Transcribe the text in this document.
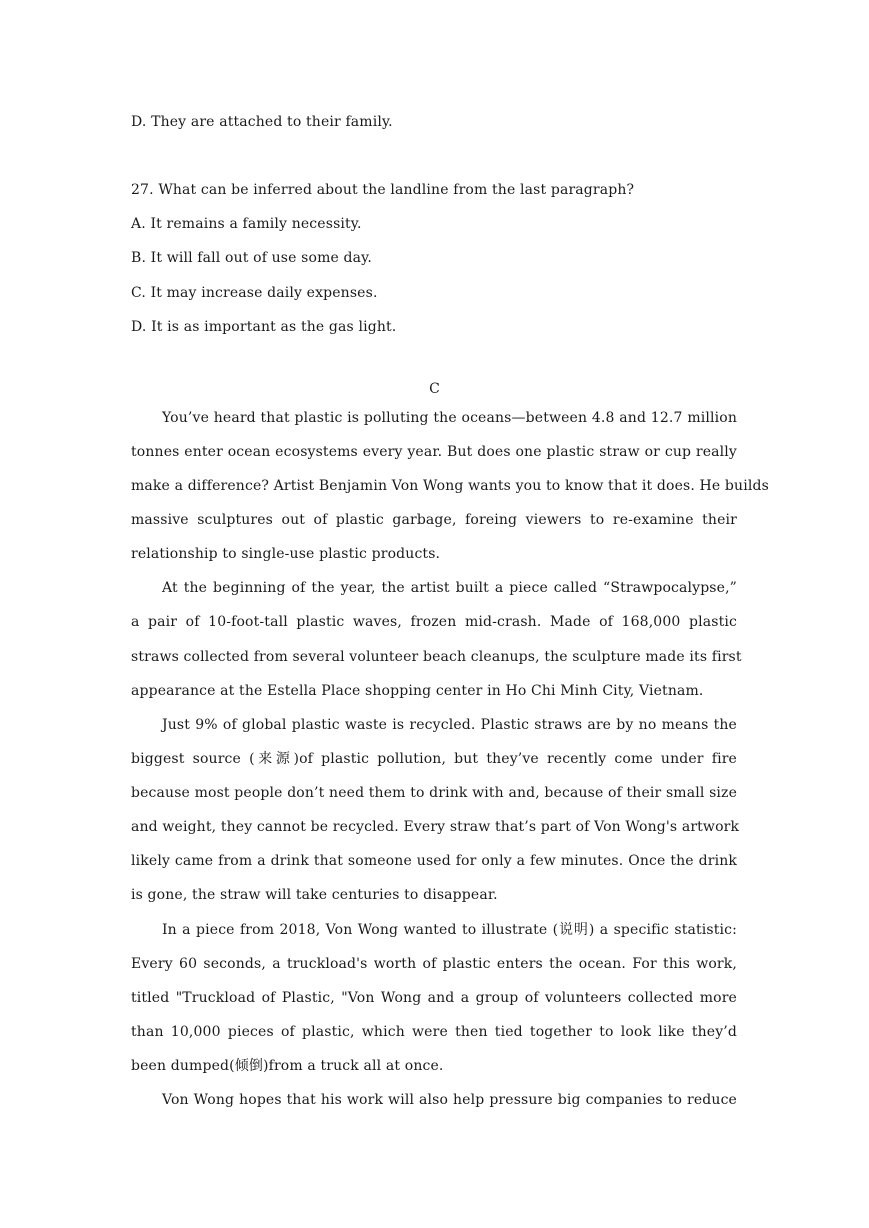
D. They are attached to their family.
27. What can be inferred about the landline from the last paragraph?
A. It remains a family necessity.
B. It will fall out of use some day.
C. It may increase daily expenses.
D. It is as important as the gas light.
C
You’ve heard that plastic is polluting the oceans—between 4.8 and 12.7 million
tonnes enter ocean ecosystems every year. But does one plastic straw or cup really
make a difference? Artist Benjamin Von Wong wants you to know that it does. He builds
massive sculptures out of plastic garbage, foreing viewers to re-examine their
relationship to single-use plastic products.
At the beginning of the year, the artist built a piece called “Strawpocalypse,”
a pair of 10-foot-tall plastic waves, frozen mid-crash. Made of 168,000 plastic
straws collected from several volunteer beach cleanups, the sculpture made its first
appearance at the Estella Place shopping center in Ho Chi Minh City, Vietnam.
Just 9% of global plastic waste is recycled. Plastic straws are by no means the
biggest source (来源)of plastic pollution, but they’ve recently come under fire
because most people don’t need them to drink with and, because of their small size
and weight, they cannot be recycled. Every straw that’s part of Von Wong's artwork
likely came from a drink that someone used for only a few minutes. Once the drink
is gone, the straw will take centuries to disappear.
In a piece from 2018, Von Wong wanted to illustrate (说明) a specific statistic:
Every 60 seconds, a truckload's worth of plastic enters the ocean. For this work,
titled "Truckload of Plastic, "Von Wong and a group of volunteers collected more
than 10,000 pieces of plastic, which were then tied together to look like they’d
been dumped(倾倒)from a truck all at once.
Von Wong hopes that his work will also help pressure big companies to reduce
